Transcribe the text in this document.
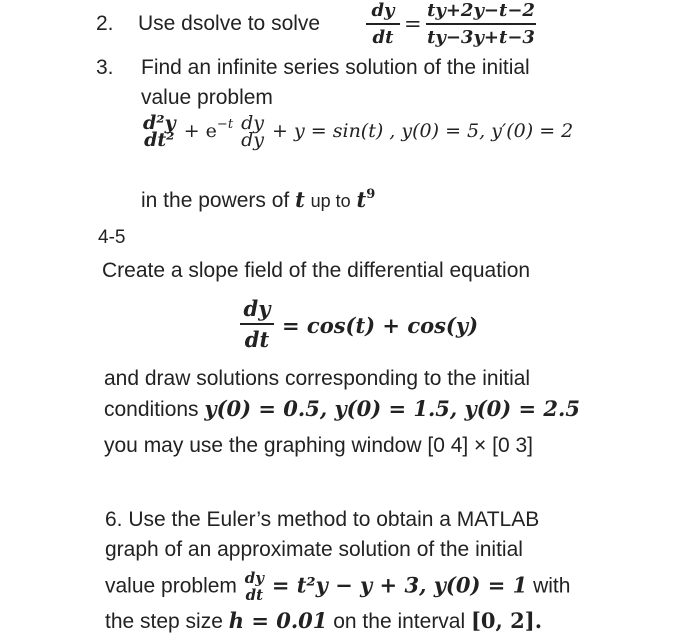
2. Use dsolve to solve
dy
dt
=
ty+2y−t−2
ty−3y+t−3
3. Find an infinite series solution of the initial
value problem
d²y
$dt^2 + e^{-t}$ dy
dy + y = sin(t) , y(0) = 5, y′(0) = 2
in the powers of t up to $t^9$
4-5
Create a slope field of the differential equation
dy
dt
= cos(t) + cos(y)
and draw solutions corresponding to the initial
conditions y(0) = 0.5, y(0) = 1.5, y(0) = 2.5
you may use the graphing window [0 4] × [0 3]
6. Use the Euler’s method to obtain a MATLAB
graph of an approximate solution of the initial
value problem dy
dt = t²y − y + 3, y(0) = 1 with
the step size h = 0.01 on the interval [0, 2].
